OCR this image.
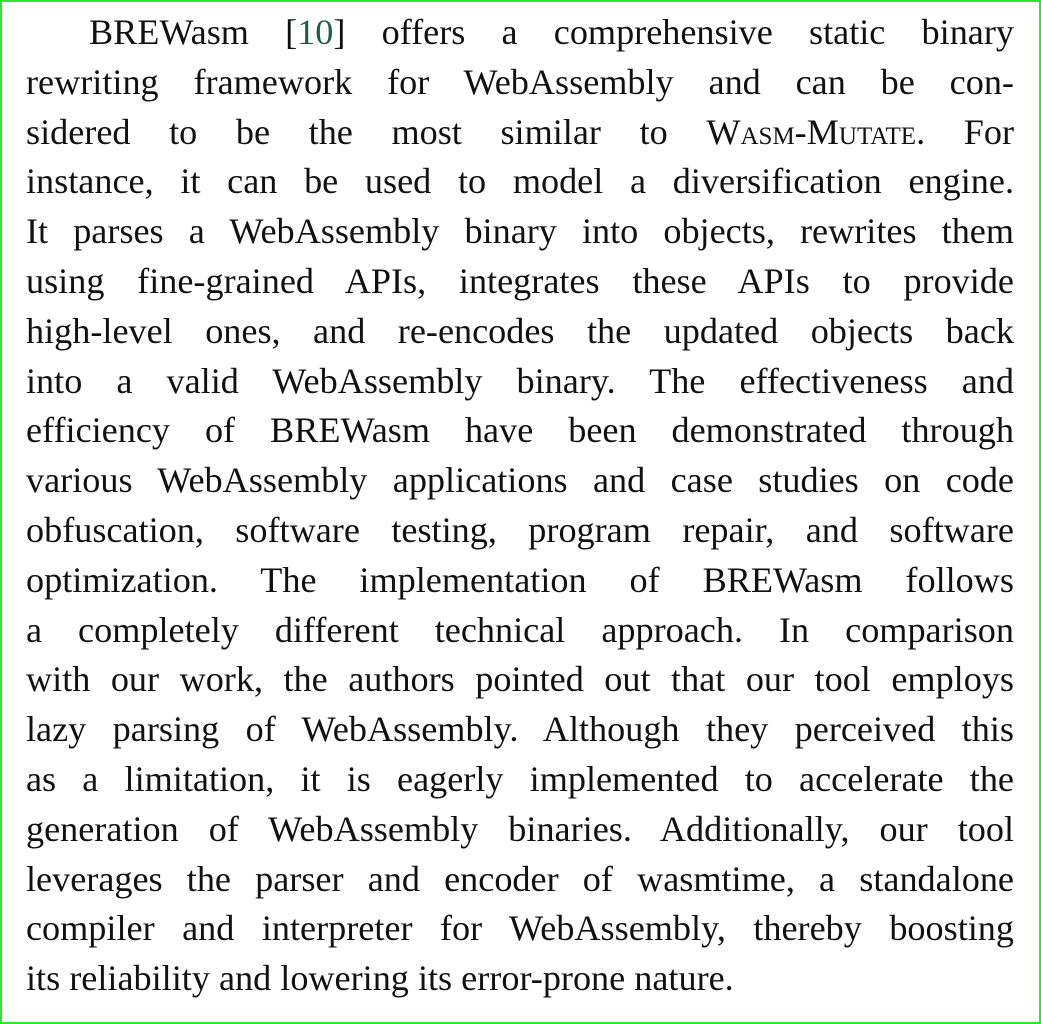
BREWasm [10] offers a comprehensive static binary
rewriting framework for WebAssembly and can be con-
sidered to be the most similar to Wasm-Mutate. For
instance, it can be used to model a diversification engine.
It parses a WebAssembly binary into objects, rewrites them
using fine-grained APIs, integrates these APIs to provide
high-level ones, and re-encodes the updated objects back
into a valid WebAssembly binary. The effectiveness and
efficiency of BREWasm have been demonstrated through
various WebAssembly applications and case studies on code
obfuscation, software testing, program repair, and software
optimization. The implementation of BREWasm follows
a completely different technical approach. In comparison
with our work, the authors pointed out that our tool employs
lazy parsing of WebAssembly. Although they perceived this
as a limitation, it is eagerly implemented to accelerate the
generation of WebAssembly binaries. Additionally, our tool
leverages the parser and encoder of wasmtime, a standalone
compiler and interpreter for WebAssembly, thereby boosting
its reliability and lowering its error-prone nature.
